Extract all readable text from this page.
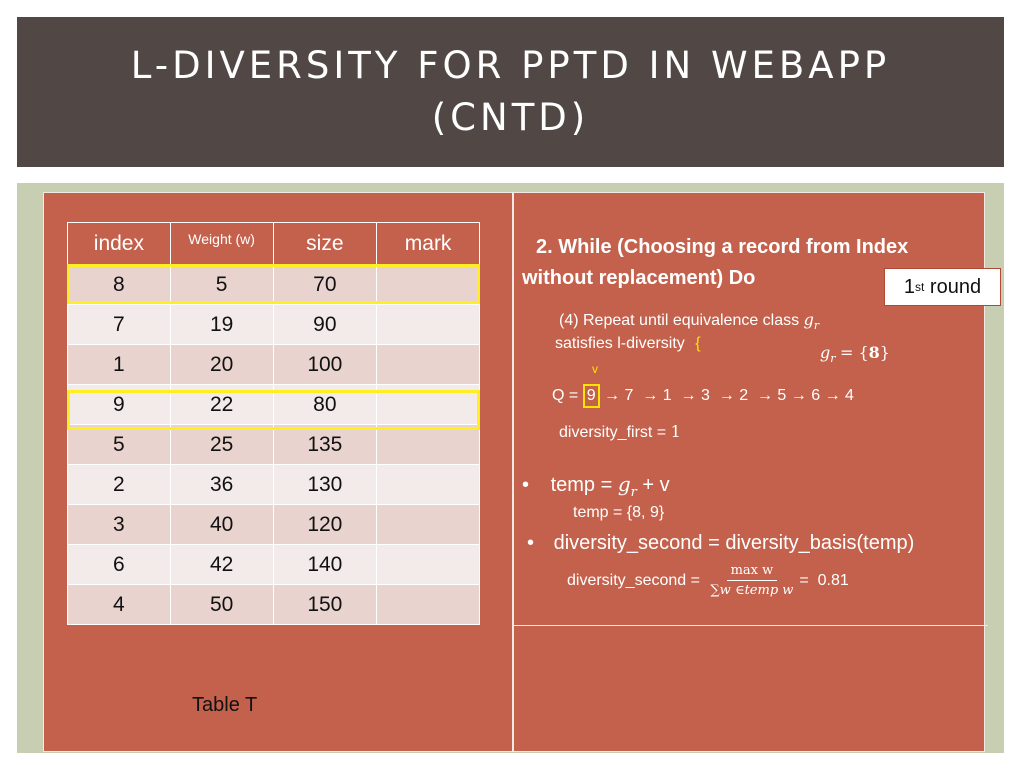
L-DIVERSITY FOR PPTD IN WEBAPP (CNTD)
index	Weight (w)	size	mark
8	5	70	
7	19	90	
1	20	100	
9	22	80	
5	25	135	
2	36	130	
3	40	120	
6	42	140	
4	50	150	
Table T
2. While (Choosing a record from Index
without replacement) Do	1 st round
(4) Repeat until equivalence class $g_r$
satisfies l-diversity {	$g_r = \{8\}$
v
Q = 9 → 7 → 1 → 3 → 2 → 5 → 6 → 4
diversity_first = 1
• temp = $g_r + v$
temp = {8, 9}
• diversity_second = diversity_basis(temp)
diversity_second = $\frac{\text{max w}}{\text{∑w ∈temp w}} = 0.81$
